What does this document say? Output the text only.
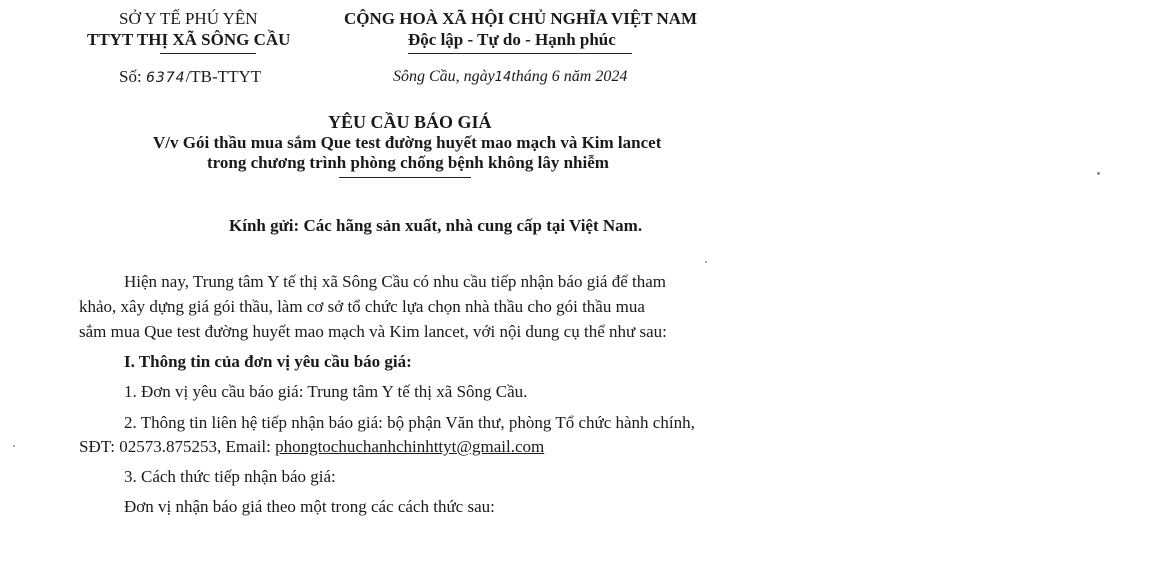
SỞ Y TẾ PHÚ YÊN
TTYT THỊ XÃ SÔNG CẦU
Số: 6374/TB-TTYT
CỘNG HOÀ XÃ HỘI CHỦ NGHĨA VIỆT NAM
Độc lập - Tự do - Hạnh phúc
Sông Cầu, ngày14tháng 6 năm 2024
YÊU CẦU BÁO GIÁ
V/v Gói thầu mua sắm Que test đường huyết mao mạch và Kim lancet
trong chương trình phòng chống bệnh không lây nhiễm
Kính gửi: Các hãng sản xuất, nhà cung cấp tại Việt Nam.
Hiện nay, Trung tâm Y tế thị xã Sông Cầu có nhu cầu tiếp nhận báo giá để tham
khảo, xây dựng giá gói thầu, làm cơ sở tổ chức lựa chọn nhà thầu cho gói thầu mua
sắm mua Que test đường huyết mao mạch và Kim lancet, với nội dung cụ thể như sau:
I. Thông tin của đơn vị yêu cầu báo giá:
1. Đơn vị yêu cầu báo giá: Trung tâm Y tế thị xã Sông Cầu.
2. Thông tin liên hệ tiếp nhận báo giá: bộ phận Văn thư, phòng Tổ chức hành chính,
SĐT: 02573.875253, Email: phongtochuchanhchinhttyt@gmail.com
3. Cách thức tiếp nhận báo giá:
Đơn vị nhận báo giá theo một trong các cách thức sau:
